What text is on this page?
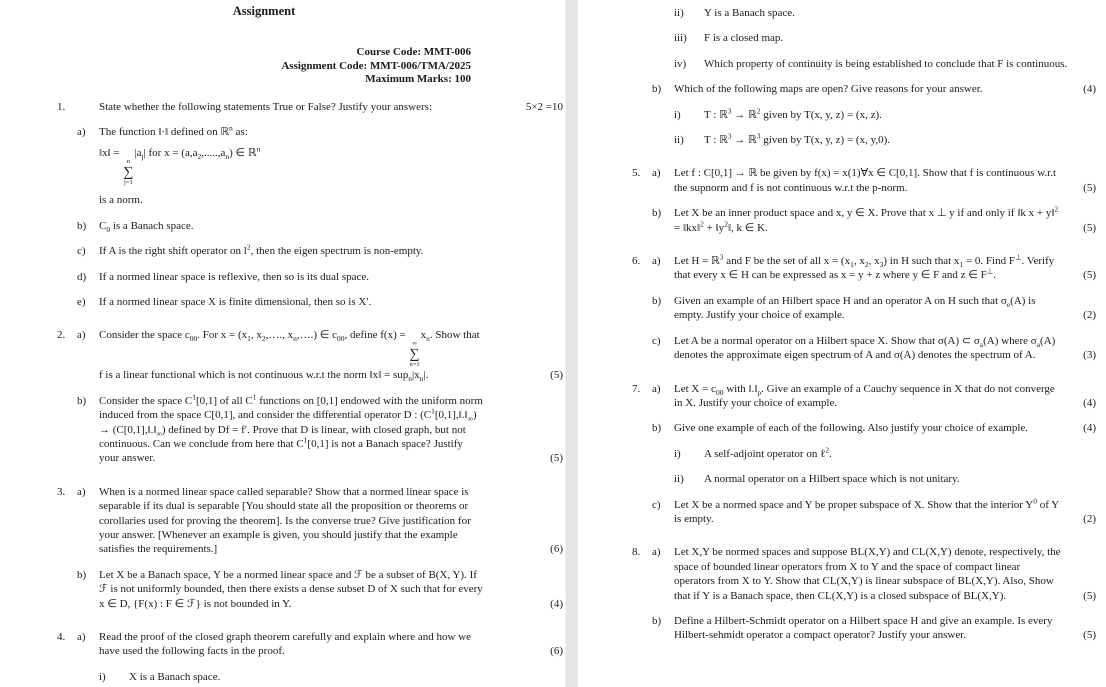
Assignment
Course Code: MMT-006
Assignment Code: MMT-006/TMA/2025
Maximum Marks: 100
1.	State whether the following statements True or False? Justify your answers:	5×2 =10
a)	The function ‖·‖ defined on ℝ$^n$ as:
‖x‖ =
n
∑
j=1
$|a_j|$ for $x = (a,a_2,.....,a_n)$ ∈ ℝ$^n$
is a norm.
b)	$C_0$ is a Banach space.
c)	If A is the right shift operator on $l^2$, then the eigen spectrum is non-empty.
d)	If a normed linear space is reflexive, then so is its dual space.
e)	If a normed linear space X is finite dimensional, then so is X′.
2.	a)	Consider the space $c_{00}$. For $x = (x_1$, $x_2,\dots$., $x_n,\dots$.) ∈ $c_{00}$, define f(x) =
∞
∑
n=1
$x_n$. Show that f is a linear functional which is not continuous w.r.t the norm ‖x‖ = $sup_n|x_n|$.	(5)
b)	Consider the space $C^1[0,1]$ of all $C^1$ functions on [0,1] endowed with the uniform norm induced from the space C[0,1], and consider the differential operator D : $(C^1[0,1],‖.‖_\infty)$ → $(C[0,1],‖.‖_\infty)$ defined by Df = f′. Prove that D is linear, with closed graph, but not continuous. Can we conclude from here that $C^1[0,1]$ is not a Banach space? Justify your answer.	(5)
3.	a)	When is a normed linear space called separable? Show that a normed linear space is separable if its dual is separable [You should state all the proposition or theorems or corollaries used for proving the theorem]. Is the converse true? Give justification for your answer. [Whenever an example is given, you should justify that the example satisfies the requirements.]	(6)
b)	Let X be a Banach space, Y be a normed linear space and ℱ be a subset of B(X, Y). If ℱ is not uniformly bounded, then there exists a dense subset D of X such that for every x ∈ D, {F(x) : F ∈ ℱ} is not bounded in Y.	(4)
4.	a)	Read the proof of the closed graph theorem carefully and explain where and how we have used the following facts in the proof.	(6)
i) X is a Banach space.
ii) Y is a Banach space.
iii) F is a closed map.
iv) Which property of continuity is being established to conclude that F is continuous.
b)	Which of the following maps are open? Give reasons for your answer.	(4)
i) T : ℝ$^3$ → ℝ$^2$ given by T(x, y, z) = (x, z).
ii) T : ℝ$^3$ → ℝ$^3$ given by T(x, y, z) = (x, y,0).
5.	a)	Let f : C[0,1] → ℝ be given by f(x) = x(1)∀x ∈ C[0,1]. Show that f is continuous w.r.t the supnorm and f is not continuous w.r.t the p-norm.	(5)
b)	Let X be an inner product space and x, y ∈ X. Prove that x ⊥ y if and only if ‖k x + y‖$^2$ = ‖kx‖$^2$ + $‖y^2‖$, k ∈ K.	(5)
6.	a)	Let H = ℝ$^3$ and F be the set of all $x = (x_1$, $x_2$, $x_3$) in H such that $x_1 = 0$. Find F⊥. Verify that every x ∈ H can be expressed as x = y + z where y ∈ F and z ∈ F⊥.	(5)
b)	Given an example of an Hilbert space H and an operator A on H such that $\sigma_e(A)$ is empty. Justify your choice of example.	(2)
c)	Let A be a normal operator on a Hilbert space X. Show that σ(A) ⊂ $\sigma_a(A)$ where $\sigma_a(A)$ denotes the approximate eigen spectrum of A and σ(A) denotes the spectrum of A.	(3)
7.	a)	Let $X = c_{00}$ with $‖.‖_p$. Give an example of a Cauchy sequence in X that do not converge in X. Justify your choice of example.	(4)
b)	Give one example of each of the following. Also justify your choice of example.	(4)
i) A self-adjoint operator on ℓ$^2$.
ii) A normal operator on a Hilbert space which is not unitary.
c)	Let X be a normed space and Y be proper subspace of X. Show that the interior $Y^0$ of Y is empty.	(2)
8.	a)	Let X,Y be normed spaces and suppose BL(X,Y) and CL(X,Y) denote, respectively, the space of bounded linear operators from X to Y and the space of compact linear operators from X to Y. Show that CL(X,Y) is linear subspace of BL(X,Y). Also, Show that if Y is a Banach space, then CL(X,Y) is a closed subspace of BL(X,Y).	(5)
b)	Define a Hilbert-Schmidt operator on a Hilbert space H and give an example. Is every Hilbert-sehmidt operator a compact operator? Justify your answer.	(5)
